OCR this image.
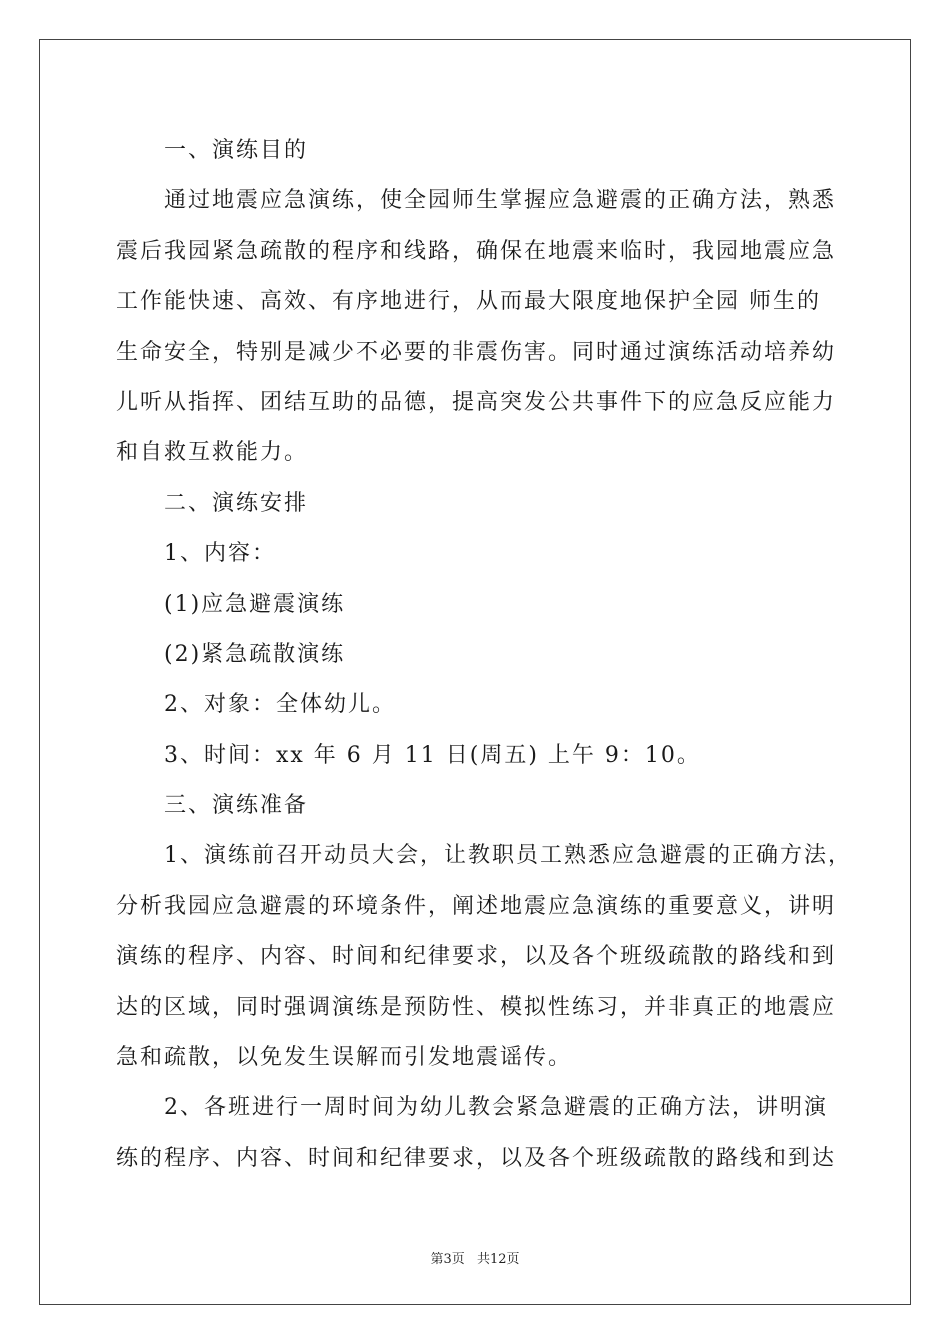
一、演练目的

通过地震应急演练，使全园师生掌握应急避震的正确方法，熟悉

震后我园紧急疏散的程序和线路，确保在地震来临时，我园地震应急

工作能快速、高效、有序地进行，从而最大限度地保护全园 师生的

生命安全，特别是减少不必要的非震伤害。同时通过演练活动培养幼

儿听从指挥、团结互助的品德，提高突发公共事件下的应急反应能力

和自救互救能力。

二、演练安排

1、内容：

(1)应急避震演练

(2)紧急疏散演练

2、对象：全体幼儿。

3、时间：xx 年 6 月 11 日(周五) 上午 9：10。

三、演练准备

1、演练前召开动员大会，让教职员工熟悉应急避震的正确方法，

分析我园应急避震的环境条件，阐述地震应急演练的重要意义，讲明

演练的程序、内容、时间和纪律要求，以及各个班级疏散的路线和到

达的区域，同时强调演练是预防性、模拟性练习，并非真正的地震应

急和疏散，以免发生误解而引发地震谣传。

2、各班进行一周时间为幼儿教会紧急避震的正确方法，讲明演

练的程序、内容、时间和纪律要求，以及各个班级疏散的路线和到达

第3页 共12页
